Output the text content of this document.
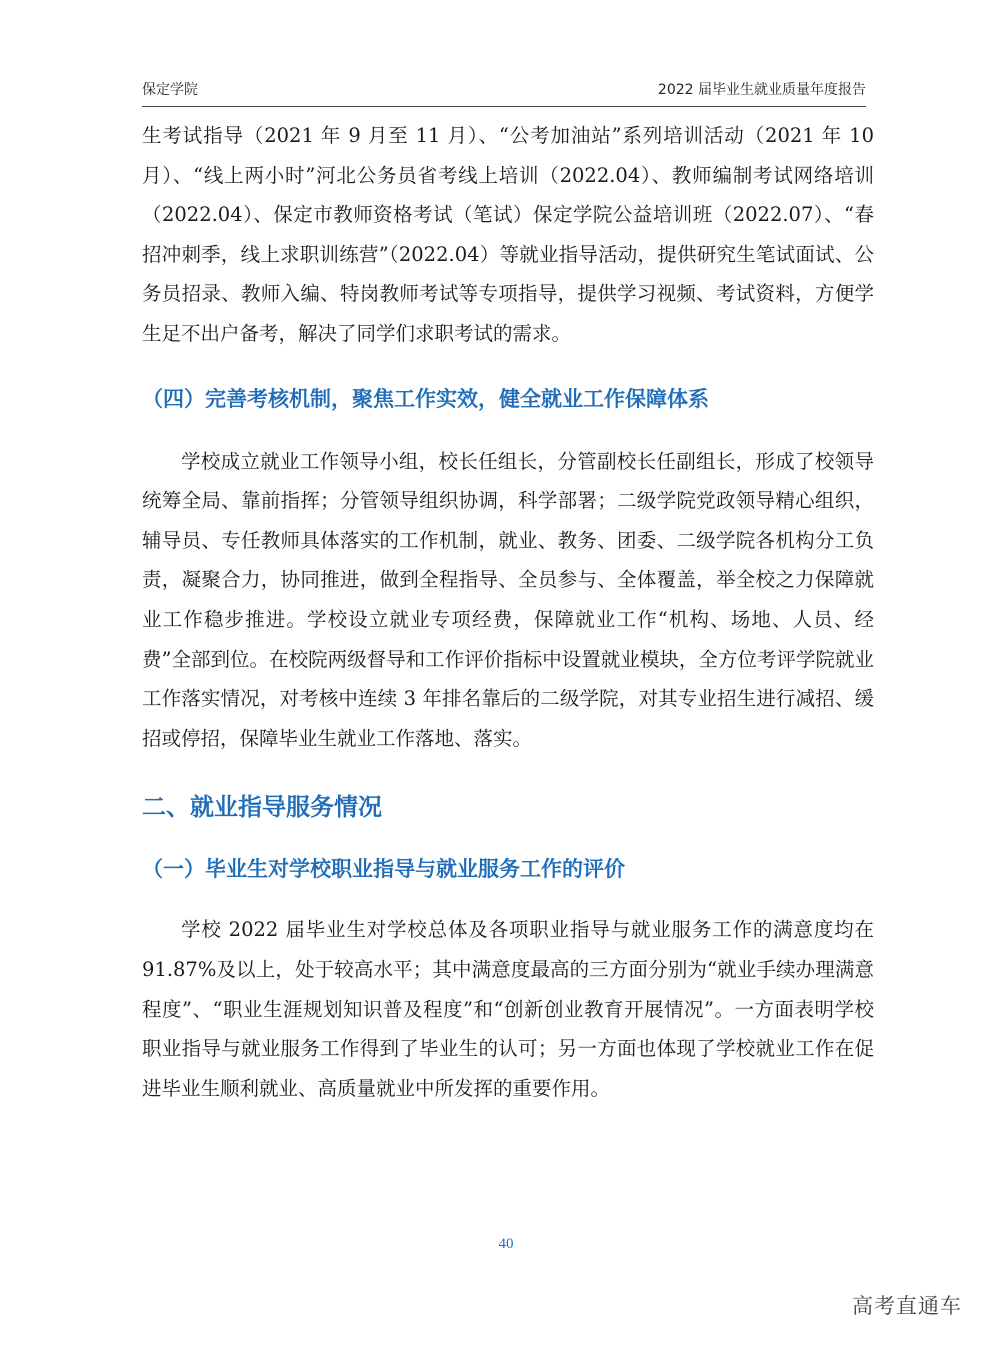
保定学院	2022 届毕业生就业质量年度报告

生考试指导（2021 年 9 月至 11 月）、“公考加油站”系列培训活动（2021 年 10 月）、“线上两小时”河北公务员省考线上培训（2022.04）、教师编制考试网络培训（2022.04）、保定市教师资格考试（笔试）保定学院公益培训班（2022.07）、“春招冲刺季，线上求职训练营”（2022.04）等就业指导活动，提供研究生笔试面试、公务员招录、教师入编、特岗教师考试等专项指导，提供学习视频、考试资料，方便学生足不出户备考，解决了同学们求职考试的需求。

（四）完善考核机制，聚焦工作实效，健全就业工作保障体系

学校成立就业工作领导小组，校长任组长，分管副校长任副组长，形成了校领导统筹全局、靠前指挥；分管领导组织协调，科学部署；二级学院党政领导精心组织，辅导员、专任教师具体落实的工作机制，就业、教务、团委、二级学院各机构分工负责，凝聚合力，协同推进，做到全程指导、全员参与、全体覆盖，举全校之力保障就业工作稳步推进。学校设立就业专项经费，保障就业工作“机构、场地、人员、经费”全部到位。在校院两级督导和工作评价指标中设置就业模块，全方位考评学院就业工作落实情况，对考核中连续 3 年排名靠后的二级学院，对其专业招生进行减招、缓招或停招，保障毕业生就业工作落地、落实。

二、就业指导服务情况
（一）毕业生对学校职业指导与就业服务工作的评价

学校 2022 届毕业生对学校总体及各项职业指导与就业服务工作的满意度均在 91.87%及以上，处于较高水平；其中满意度最高的三方面分别为“就业手续办理满意程度”、“职业生涯规划知识普及程度”和“创新创业教育开展情况”。一方面表明学校职业指导与就业服务工作得到了毕业生的认可；另一方面也体现了学校就业工作在促进毕业生顺利就业、高质量就业中所发挥的重要作用。

40
高考直通车
